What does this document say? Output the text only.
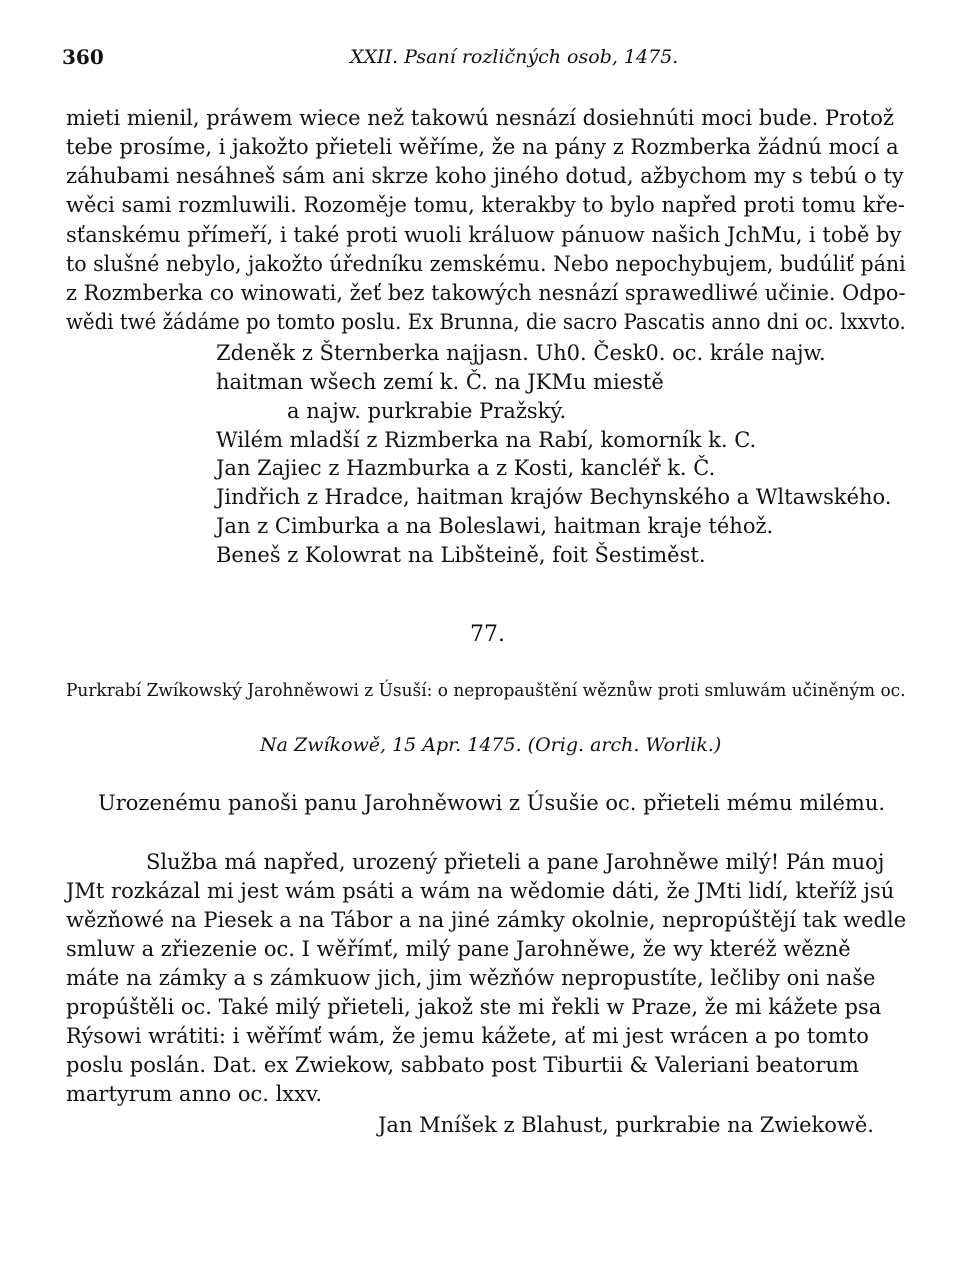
360	XXII. Psaní rozličných osob, 1475.
mieti mienil, práwem wiece než takowú nesnází dosiehnúti moci bude. Protož
tebe prosíme, i jakožto přieteli wěříme, že na pány z Rozmberka žádnú mocí a
záhubami nesáhneš sám ani skrze koho jiného dotud, ažbychom my s tebú o ty
wěci sami rozmluwili. Rozoměje tomu, kterakby to bylo napřed proti tomu kře-
sťanskému přímeří, i také proti wuoli králuow pánuow našich JchMu, i tobě by
to slušné nebylo, jakožto úředníku zemskému. Nebo nepochybujem, budúliť páni
z Rozmberka co winowati, žeť bez takowých nesnází sprawedliwé učinie. Odpo-
wědi twé žádáme po tomto poslu. Ex Brunna, die sacro Pascatis anno dni oc. lxxvto.
Zdeněk z Šternberka najjasn. Uh0. Česk0. oc. krále najw.
haitman wšech zemí k. Č. na JKMu miestě
a najw. purkrabie Pražský.
Wilém mladší z Rizmberka na Rabí, komorník k. C.
Jan Zajiec z Hazmburka a z Kosti, kancléř k. Č.
Jindřich z Hradce, haitman krajów Bechynského a Wltawského.
Jan z Cimburka a na Boleslawi, haitman kraje téhož.
Beneš z Kolowrat na Libšteině, foit Šestiměst.
77.
Purkrabí Zwíkowský Jarohněwowi z Úsuší: o nepropauštění wěznůw proti smluwám učiněným oc.
Na Zwíkowě, 15 Apr. 1475. (Orig. arch. Worlik.)
Urozenému panoši panu Jarohněwowi z Úsušie oc. přieteli mému milému.
Služba má napřed, urozený přieteli a pane Jarohněwe milý! Pán muoj
JMt rozkázal mi jest wám psáti a wám na wědomie dáti, že JMti lidí, kteříž jsú
wězňowé na Piesek a na Tábor a na jiné zámky okolnie, nepropúštějí tak wedle
smluw a zřiezenie oc. I wěřímť, milý pane Jarohněwe, že wy kteréž wězně
máte na zámky a s zámkuow jich, jim wězňów nepropustíte, lečliby oni naše
propúštěli oc. Také milý přieteli, jakož ste mi řekli w Praze, že mi kážete psa
Rýsowi wrátiti: i wěřímť wám, že jemu kážete, ať mi jest wrácen a po tomto
poslu poslán. Dat. ex Zwiekow, sabbato post Tiburtii & Valeriani beatorum
martyrum anno oc. lxxv.
Jan Mníšek z Blahust, purkrabie na Zwiekowě.
